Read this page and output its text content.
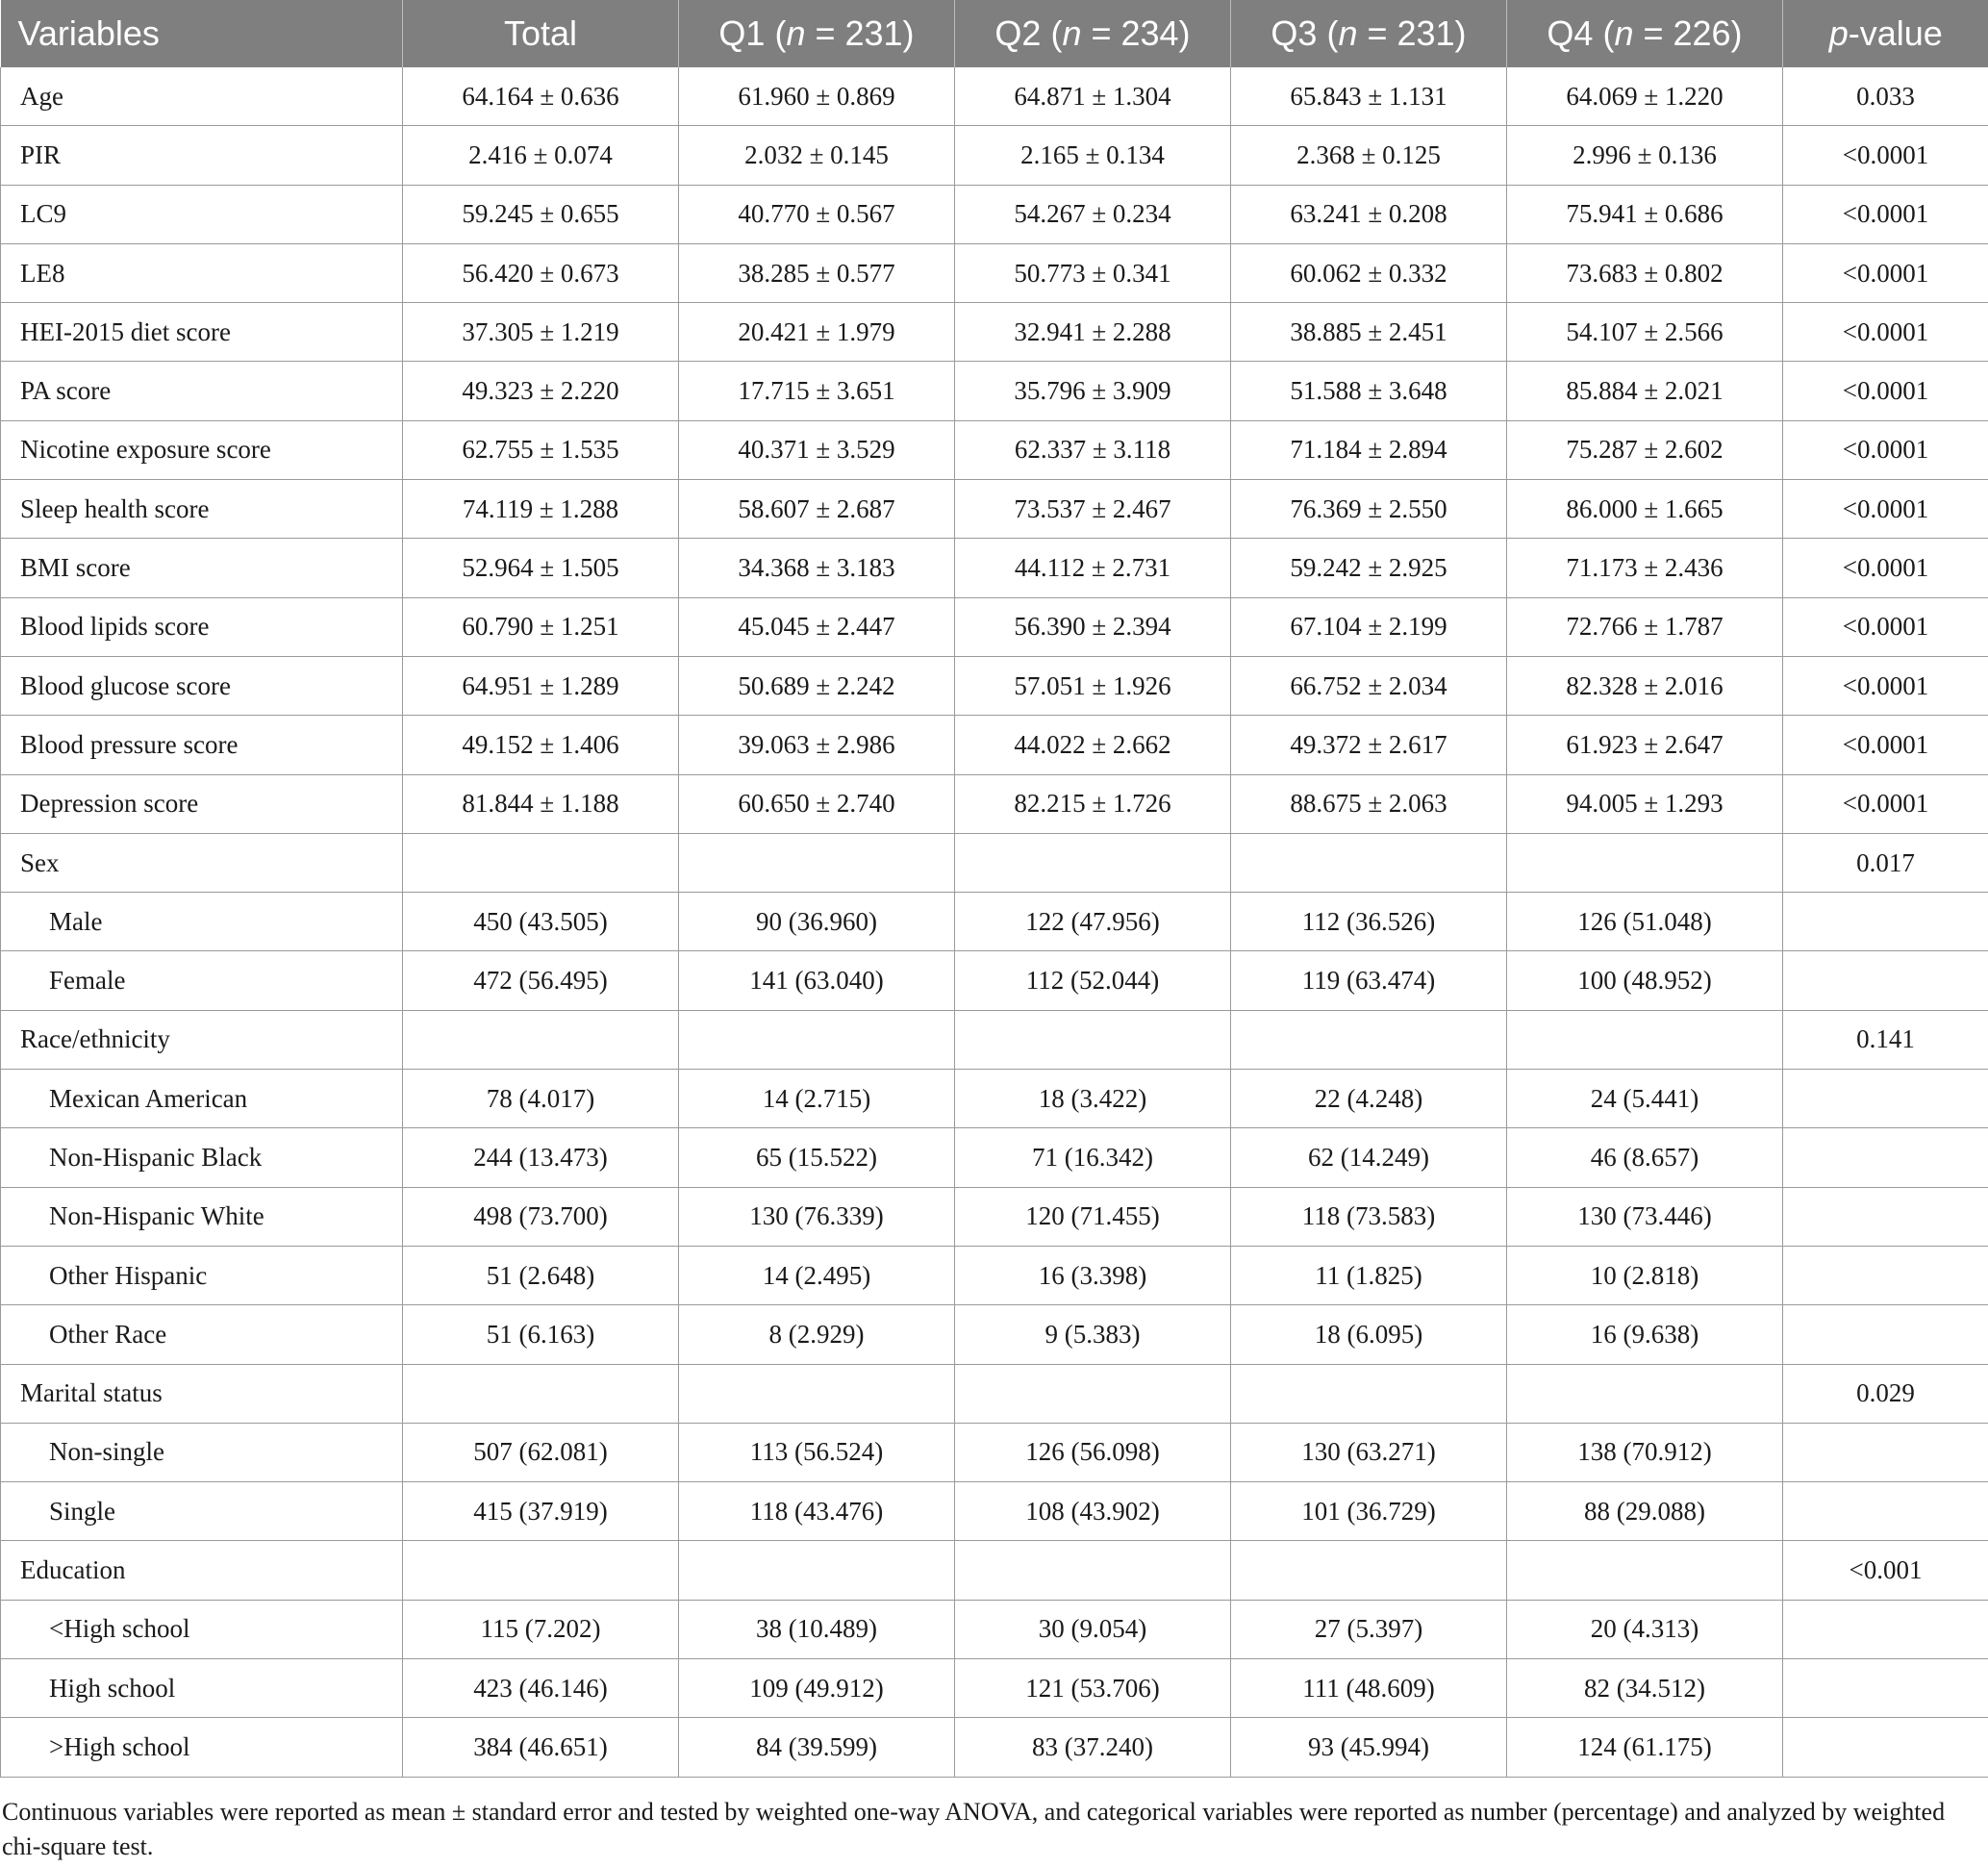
Variables	Total	Q1 (n = 231)	Q2 (n = 234)	Q3 (n = 231)	Q4 (n = 226)	p-value
Age	64.164 ± 0.636	61.960 ± 0.869	64.871 ± 1.304	65.843 ± 1.131	64.069 ± 1.220	0.033
PIR	2.416 ± 0.074	2.032 ± 0.145	2.165 ± 0.134	2.368 ± 0.125	2.996 ± 0.136	<0.0001
LC9	59.245 ± 0.655	40.770 ± 0.567	54.267 ± 0.234	63.241 ± 0.208	75.941 ± 0.686	<0.0001
LE8	56.420 ± 0.673	38.285 ± 0.577	50.773 ± 0.341	60.062 ± 0.332	73.683 ± 0.802	<0.0001
HEI-2015 diet score	37.305 ± 1.219	20.421 ± 1.979	32.941 ± 2.288	38.885 ± 2.451	54.107 ± 2.566	<0.0001
PA score	49.323 ± 2.220	17.715 ± 3.651	35.796 ± 3.909	51.588 ± 3.648	85.884 ± 2.021	<0.0001
Nicotine exposure score	62.755 ± 1.535	40.371 ± 3.529	62.337 ± 3.118	71.184 ± 2.894	75.287 ± 2.602	<0.0001
Sleep health score	74.119 ± 1.288	58.607 ± 2.687	73.537 ± 2.467	76.369 ± 2.550	86.000 ± 1.665	<0.0001
BMI score	52.964 ± 1.505	34.368 ± 3.183	44.112 ± 2.731	59.242 ± 2.925	71.173 ± 2.436	<0.0001
Blood lipids score	60.790 ± 1.251	45.045 ± 2.447	56.390 ± 2.394	67.104 ± 2.199	72.766 ± 1.787	<0.0001
Blood glucose score	64.951 ± 1.289	50.689 ± 2.242	57.051 ± 1.926	66.752 ± 2.034	82.328 ± 2.016	<0.0001
Blood pressure score	49.152 ± 1.406	39.063 ± 2.986	44.022 ± 2.662	49.372 ± 2.617	61.923 ± 2.647	<0.0001
Depression score	81.844 ± 1.188	60.650 ± 2.740	82.215 ± 1.726	88.675 ± 2.063	94.005 ± 1.293	<0.0001
Sex						0.017
Male	450 (43.505)	90 (36.960)	122 (47.956)	112 (36.526)	126 (51.048)	
Female	472 (56.495)	141 (63.040)	112 (52.044)	119 (63.474)	100 (48.952)	
Race/ethnicity						0.141
Mexican American	78 (4.017)	14 (2.715)	18 (3.422)	22 (4.248)	24 (5.441)	
Non-Hispanic Black	244 (13.473)	65 (15.522)	71 (16.342)	62 (14.249)	46 (8.657)	
Non-Hispanic White	498 (73.700)	130 (76.339)	120 (71.455)	118 (73.583)	130 (73.446)	
Other Hispanic	51 (2.648)	14 (2.495)	16 (3.398)	11 (1.825)	10 (2.818)	
Other Race	51 (6.163)	8 (2.929)	9 (5.383)	18 (6.095)	16 (9.638)	
Marital status						0.029
Non-single	507 (62.081)	113 (56.524)	126 (56.098)	130 (63.271)	138 (70.912)	
Single	415 (37.919)	118 (43.476)	108 (43.902)	101 (36.729)	88 (29.088)	
Education						<0.001
<High school	115 (7.202)	38 (10.489)	30 (9.054)	27 (5.397)	20 (4.313)	
High school	423 (46.146)	109 (49.912)	121 (53.706)	111 (48.609)	82 (34.512)	
>High school	384 (46.651)	84 (39.599)	83 (37.240)	93 (45.994)	124 (61.175)	
Continuous variables were reported as mean ± standard error and tested by weighted one-way ANOVA, and categorical variables were reported as number (percentage) and analyzed by weighted chi-square test.
